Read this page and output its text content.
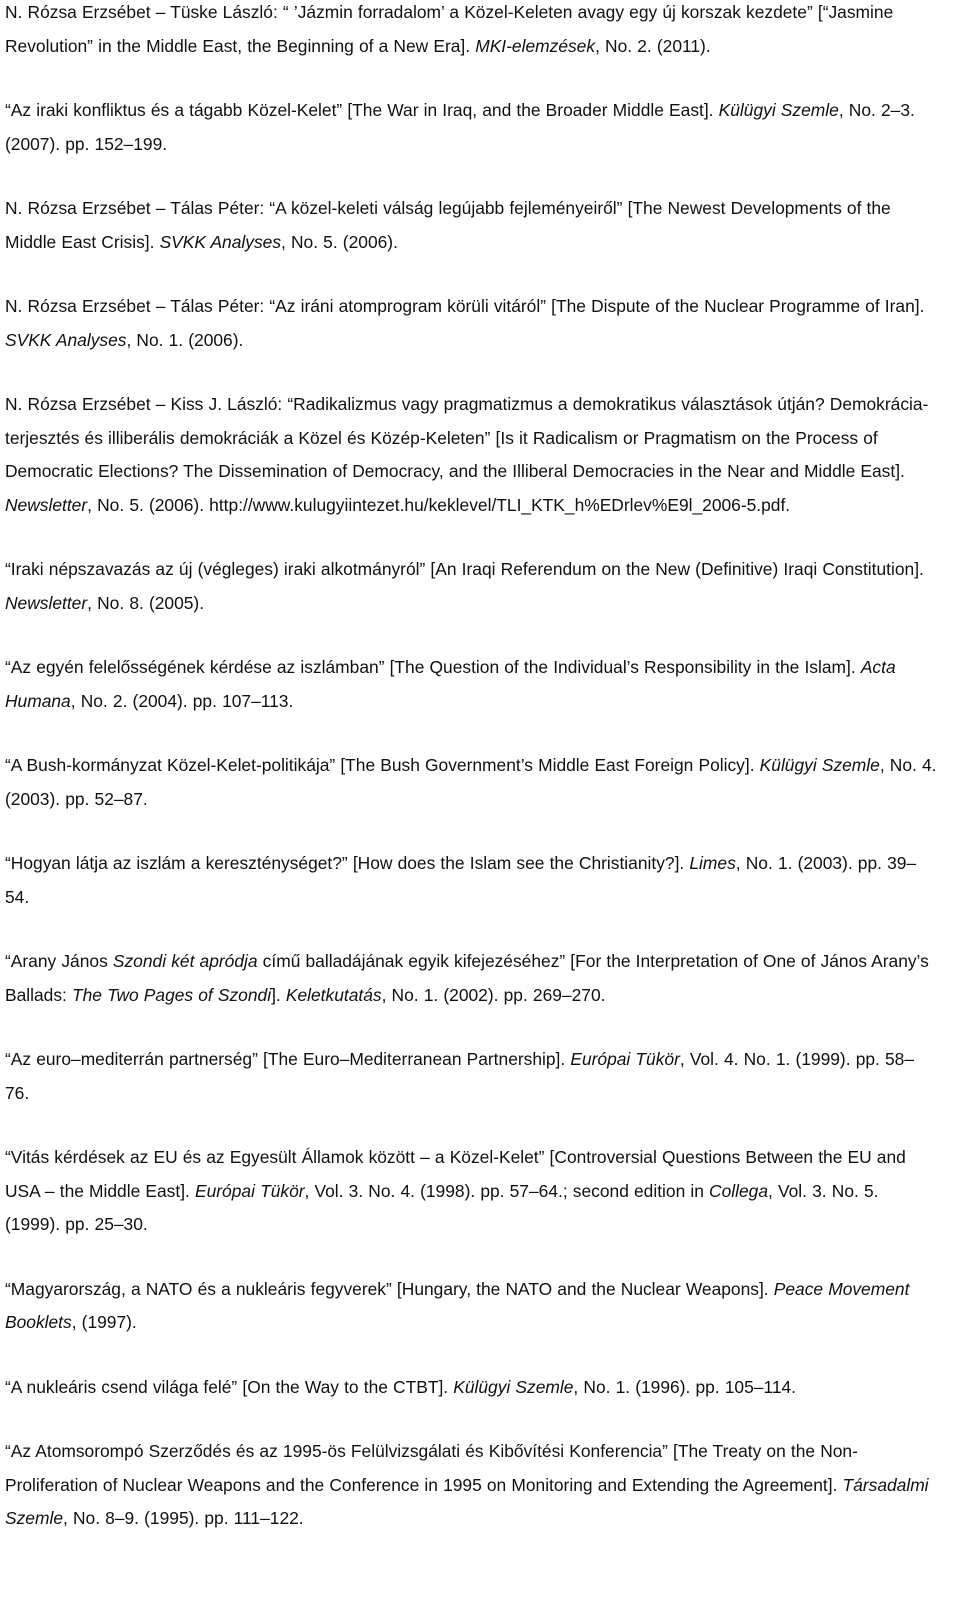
N. Rózsa Erzsébet – Tüske László: “ ’Jázmin forradalom’ a Közel-Keleten avagy egy új korszak kezdete” [“Jasmine Revolution” in the Middle East, the Beginning of a New Era]. MKI-elemzések, No. 2. (2011).

“Az iraki konfliktus és a tágabb Közel-Kelet” [The War in Iraq, and the Broader Middle East]. Külügyi Szemle, No. 2–3. (2007). pp. 152–199.

N. Rózsa Erzsébet – Tálas Péter: “A közel-keleti válság legújabb fejleményeiről” [The Newest Developments of the Middle East Crisis]. SVKK Analyses, No. 5. (2006).

N. Rózsa Erzsébet – Tálas Péter: “Az iráni atomprogram körüli vitáról” [The Dispute of the Nuclear Programme of Iran]. SVKK Analyses, No. 1. (2006).

N. Rózsa Erzsébet – Kiss J. László: “Radikalizmus vagy pragmatizmus a demokratikus választások útján? Demokrácia-terjesztés és illiberális demokráciák a Közel és Közép-Keleten” [Is it Radicalism or Pragmatism on the Process of Democratic Elections? The Dissemination of Democracy, and the Illiberal Democracies in the Near and Middle East]. Newsletter, No. 5. (2006). http://www.kulugyiintezet.hu/keklevel/TLI_KTK_h%EDrlev%E9l_2006-5.pdf.

“Iraki népszavazás az új (végleges) iraki alkotmányról” [An Iraqi Referendum on the New (Definitive) Iraqi Constitution]. Newsletter, No. 8. (2005).

“Az egyén felelősségének kérdése az iszlámban” [The Question of the Individual’s Responsibility in the Islam]. Acta Humana, No. 2. (2004). pp. 107–113.

“A Bush-kormányzat Közel-Kelet-politikája” [The Bush Government’s Middle East Foreign Policy]. Külügyi Szemle, No. 4. (2003). pp. 52–87.

“Hogyan látja az iszlám a kereszténységet?” [How does the Islam see the Christianity?]. Limes, No. 1. (2003). pp. 39–54.

“Arany János Szondi két apródja című balladájának egyik kifejezéséhez” [For the Interpretation of One of János Arany’s Ballads: The Two Pages of Szondi]. Keletkutatás, No. 1. (2002). pp. 269–270.

“Az euro–mediterrán partnerség” [The Euro–Mediterranean Partnership]. Európai Tükör, Vol. 4. No. 1. (1999). pp. 58–76.

“Vitás kérdések az EU és az Egyesült Államok között – a Közel-Kelet” [Controversial Questions Between the EU and USA – the Middle East]. Európai Tükör, Vol. 3. No. 4. (1998). pp. 57–64.; second edition in Collega, Vol. 3. No. 5. (1999). pp. 25–30.

“Magyarország, a NATO és a nukleáris fegyverek” [Hungary, the NATO and the Nuclear Weapons]. Peace Movement Booklets, (1997).

“A nukleáris csend világa felé” [On the Way to the CTBT]. Külügyi Szemle, No. 1. (1996). pp. 105–114.

“Az Atomsorompó Szerződés és az 1995-ös Felülvizsgálati és Kibővítési Konferencia” [The Treaty on the Non-Proliferation of Nuclear Weapons and the Conference in 1995 on Monitoring and Extending the Agreement]. Társadalmi Szemle, No. 8–9. (1995). pp. 111–122.
